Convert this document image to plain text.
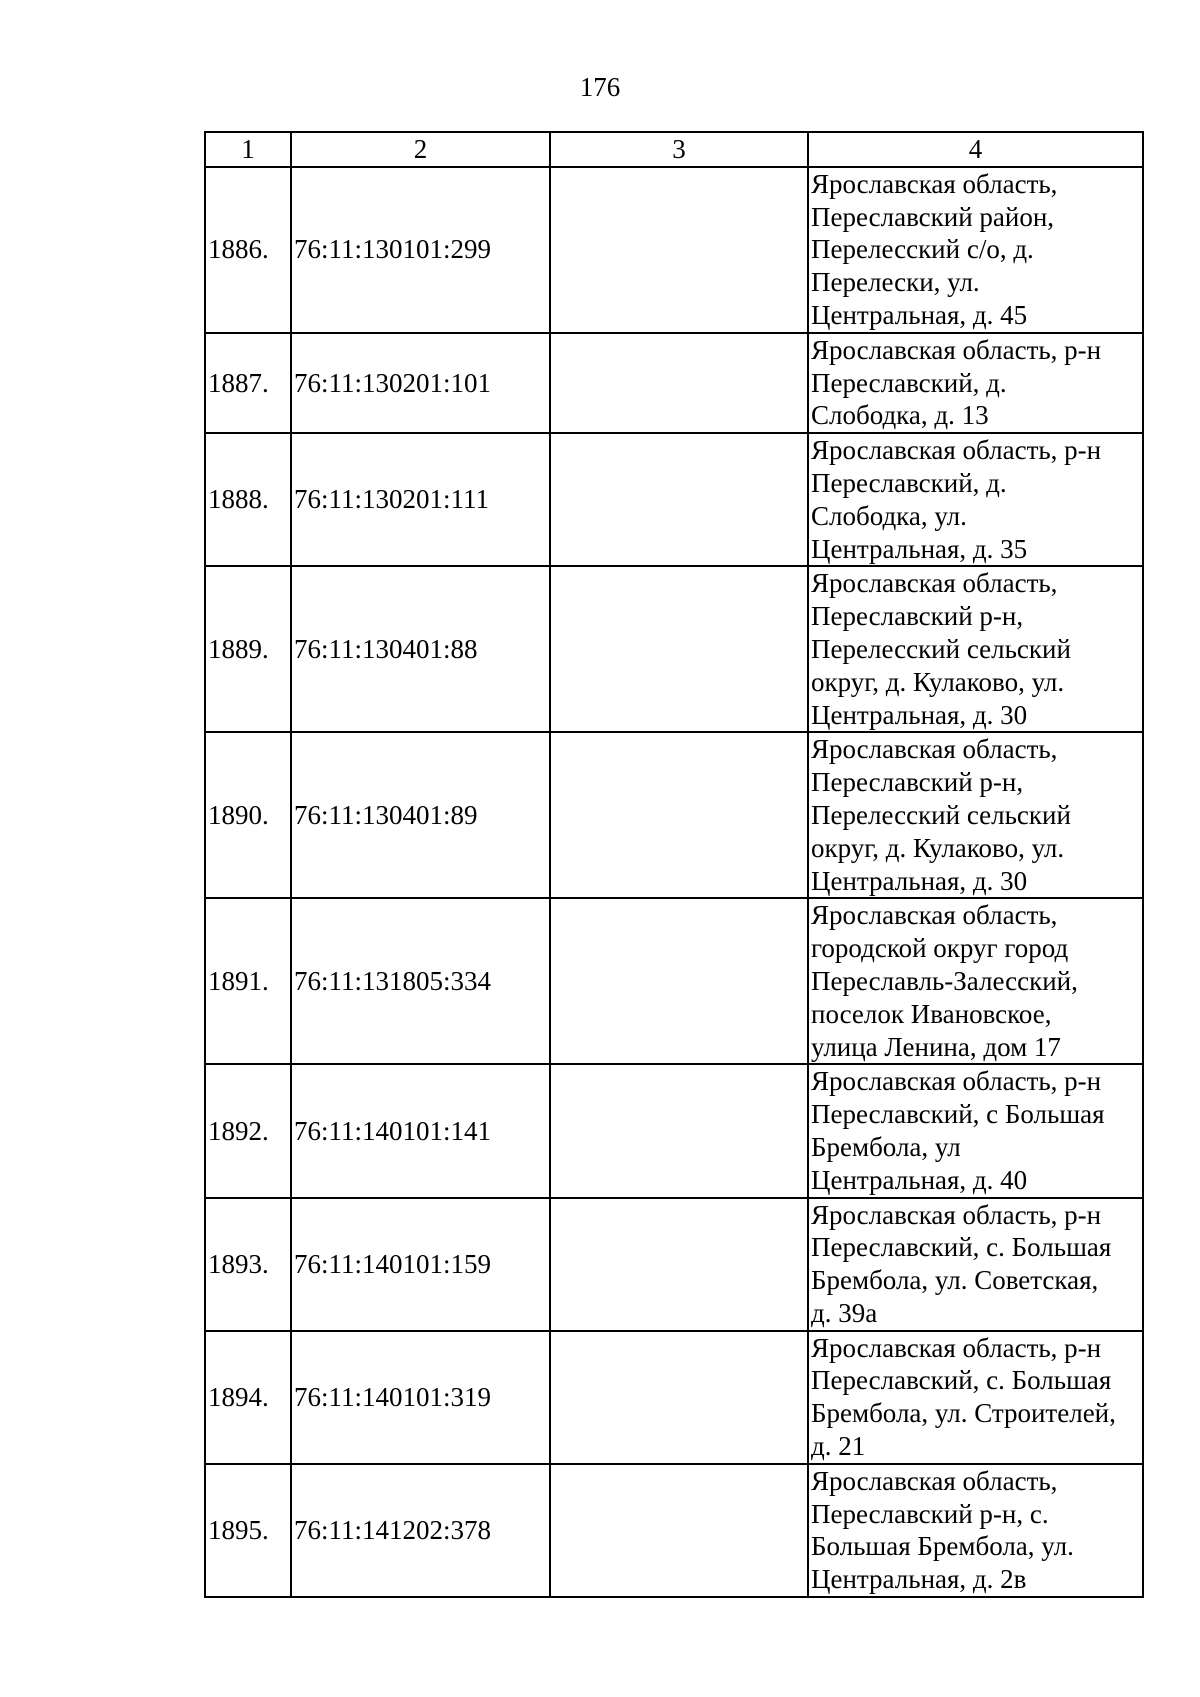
176
1	2	3	4
1886.	76:11:130101:299		Ярославская область,
Переславский район,
Перелесский с/о, д.
Перелески, ул.
Центральная, д. 45

1887.	76:11:130201:101		Ярославская область, р-н
Переславский, д.
Слободка, д. 13

1888.	76:11:130201:111		Ярославская область, р-н
Переславский, д.
Слободка, ул.
Центральная, д. 35

1889.	76:11:130401:88		Ярославская область,
Переславский р-н,
Перелесский сельский
округ, д. Кулаково, ул.
Центральная, д. 30

1890.	76:11:130401:89		Ярославская область,
Переславский р-н,
Перелесский сельский
округ, д. Кулаково, ул.
Центральная, д. 30

1891.	76:11:131805:334		Ярославская область,
городской округ город
Переславль-Залесский,
поселок Ивановское,
улица Ленина, дом 17

1892.	76:11:140101:141		Ярославская область, р-н
Переславский, с Большая
Брембола, ул
Центральная, д. 40

1893.	76:11:140101:159		Ярославская область, р-н
Переславский, с. Большая
Брембола, ул. Советская,
д. 39а

1894.	76:11:140101:319		Ярославская область, р-н
Переславский, с. Большая
Брембола, ул. Строителей,
д. 21

1895.	76:11:141202:378		Ярославская область,
Переславский р-н, с.
Большая Брембола, ул.
Центральная, д. 2в
